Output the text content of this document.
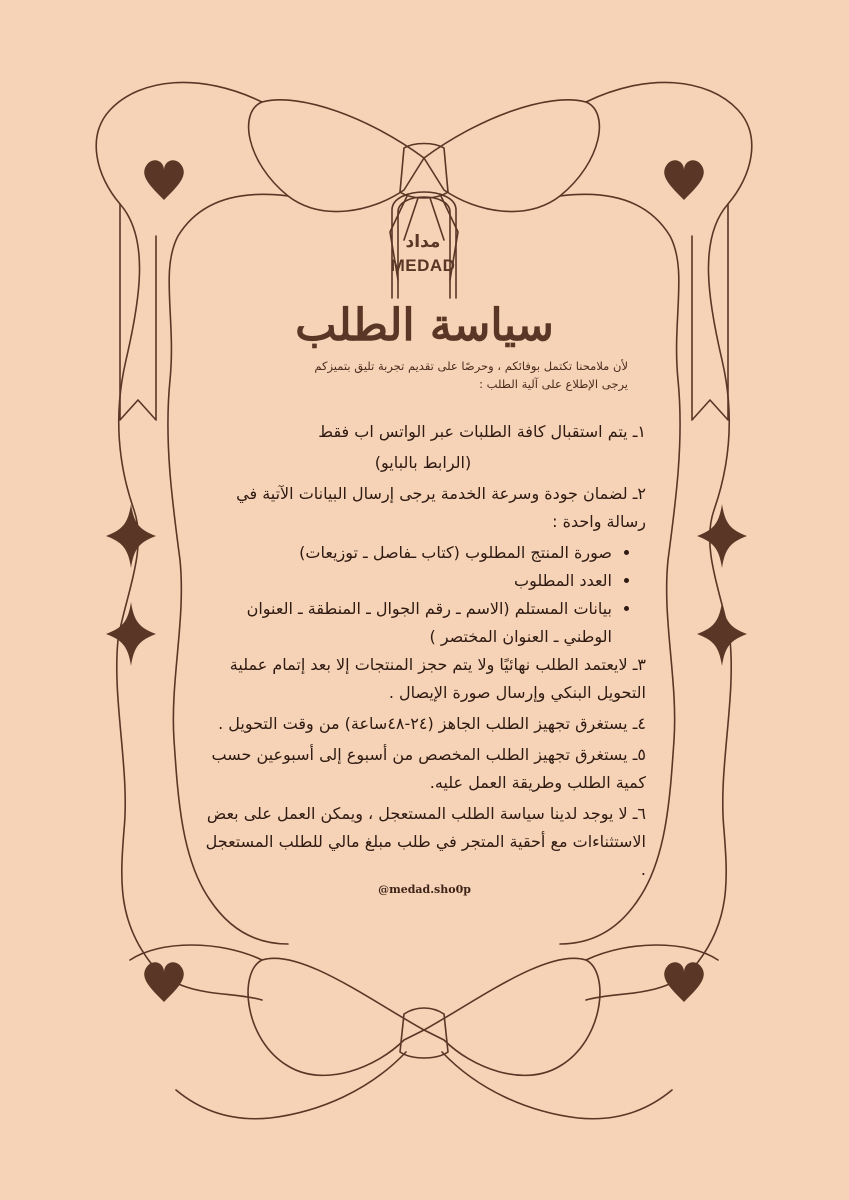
مداد
MEDAD
سياسة الطلب
لأن ملامحنا تكتمل بوفائكم ، وحرصًا على تقديم تجربة تليق بتميزكم
يرجى الإطلاع على آلية الطلب :

١ـ يتم استقبال كافة الطلبات عبر الواتس اب فقط

(الرابط بالبايو)

٢ـ لضمان جودة وسرعة الخدمة يرجى إرسال البيانات الآتية في رسالة واحدة :

• صورة المنتج المطلوب (كتاب ـفاصل ـ توزيعات)
• العدد المطلوب
• بيانات المستلم (الاسم ـ رقم الجوال ـ المنطقة ـ العنوان الوطني ـ العنوان المختصر )

٣ـ لايعتمد الطلب نهائيًا ولا يتم حجز المنتجات إلا بعد إتمام عملية التحويل البنكي وإرسال صورة الإيصال .

٤ـ يستغرق تجهيز الطلب الجاهز (٢٤-٤٨ساعة) من وقت التحويل .

٥ـ يستغرق تجهيز الطلب المخصص من أسبوع إلى أسبوعين حسب كمية الطلب وطريقة العمل عليه.

٦ـ لا يوجد لدينا سياسة الطلب المستعجل ، ويمكن العمل على بعض الاستثناءات مع أحقية المتجر في طلب مبلغ مالي للطلب المستعجل .

@medad.sho0p
